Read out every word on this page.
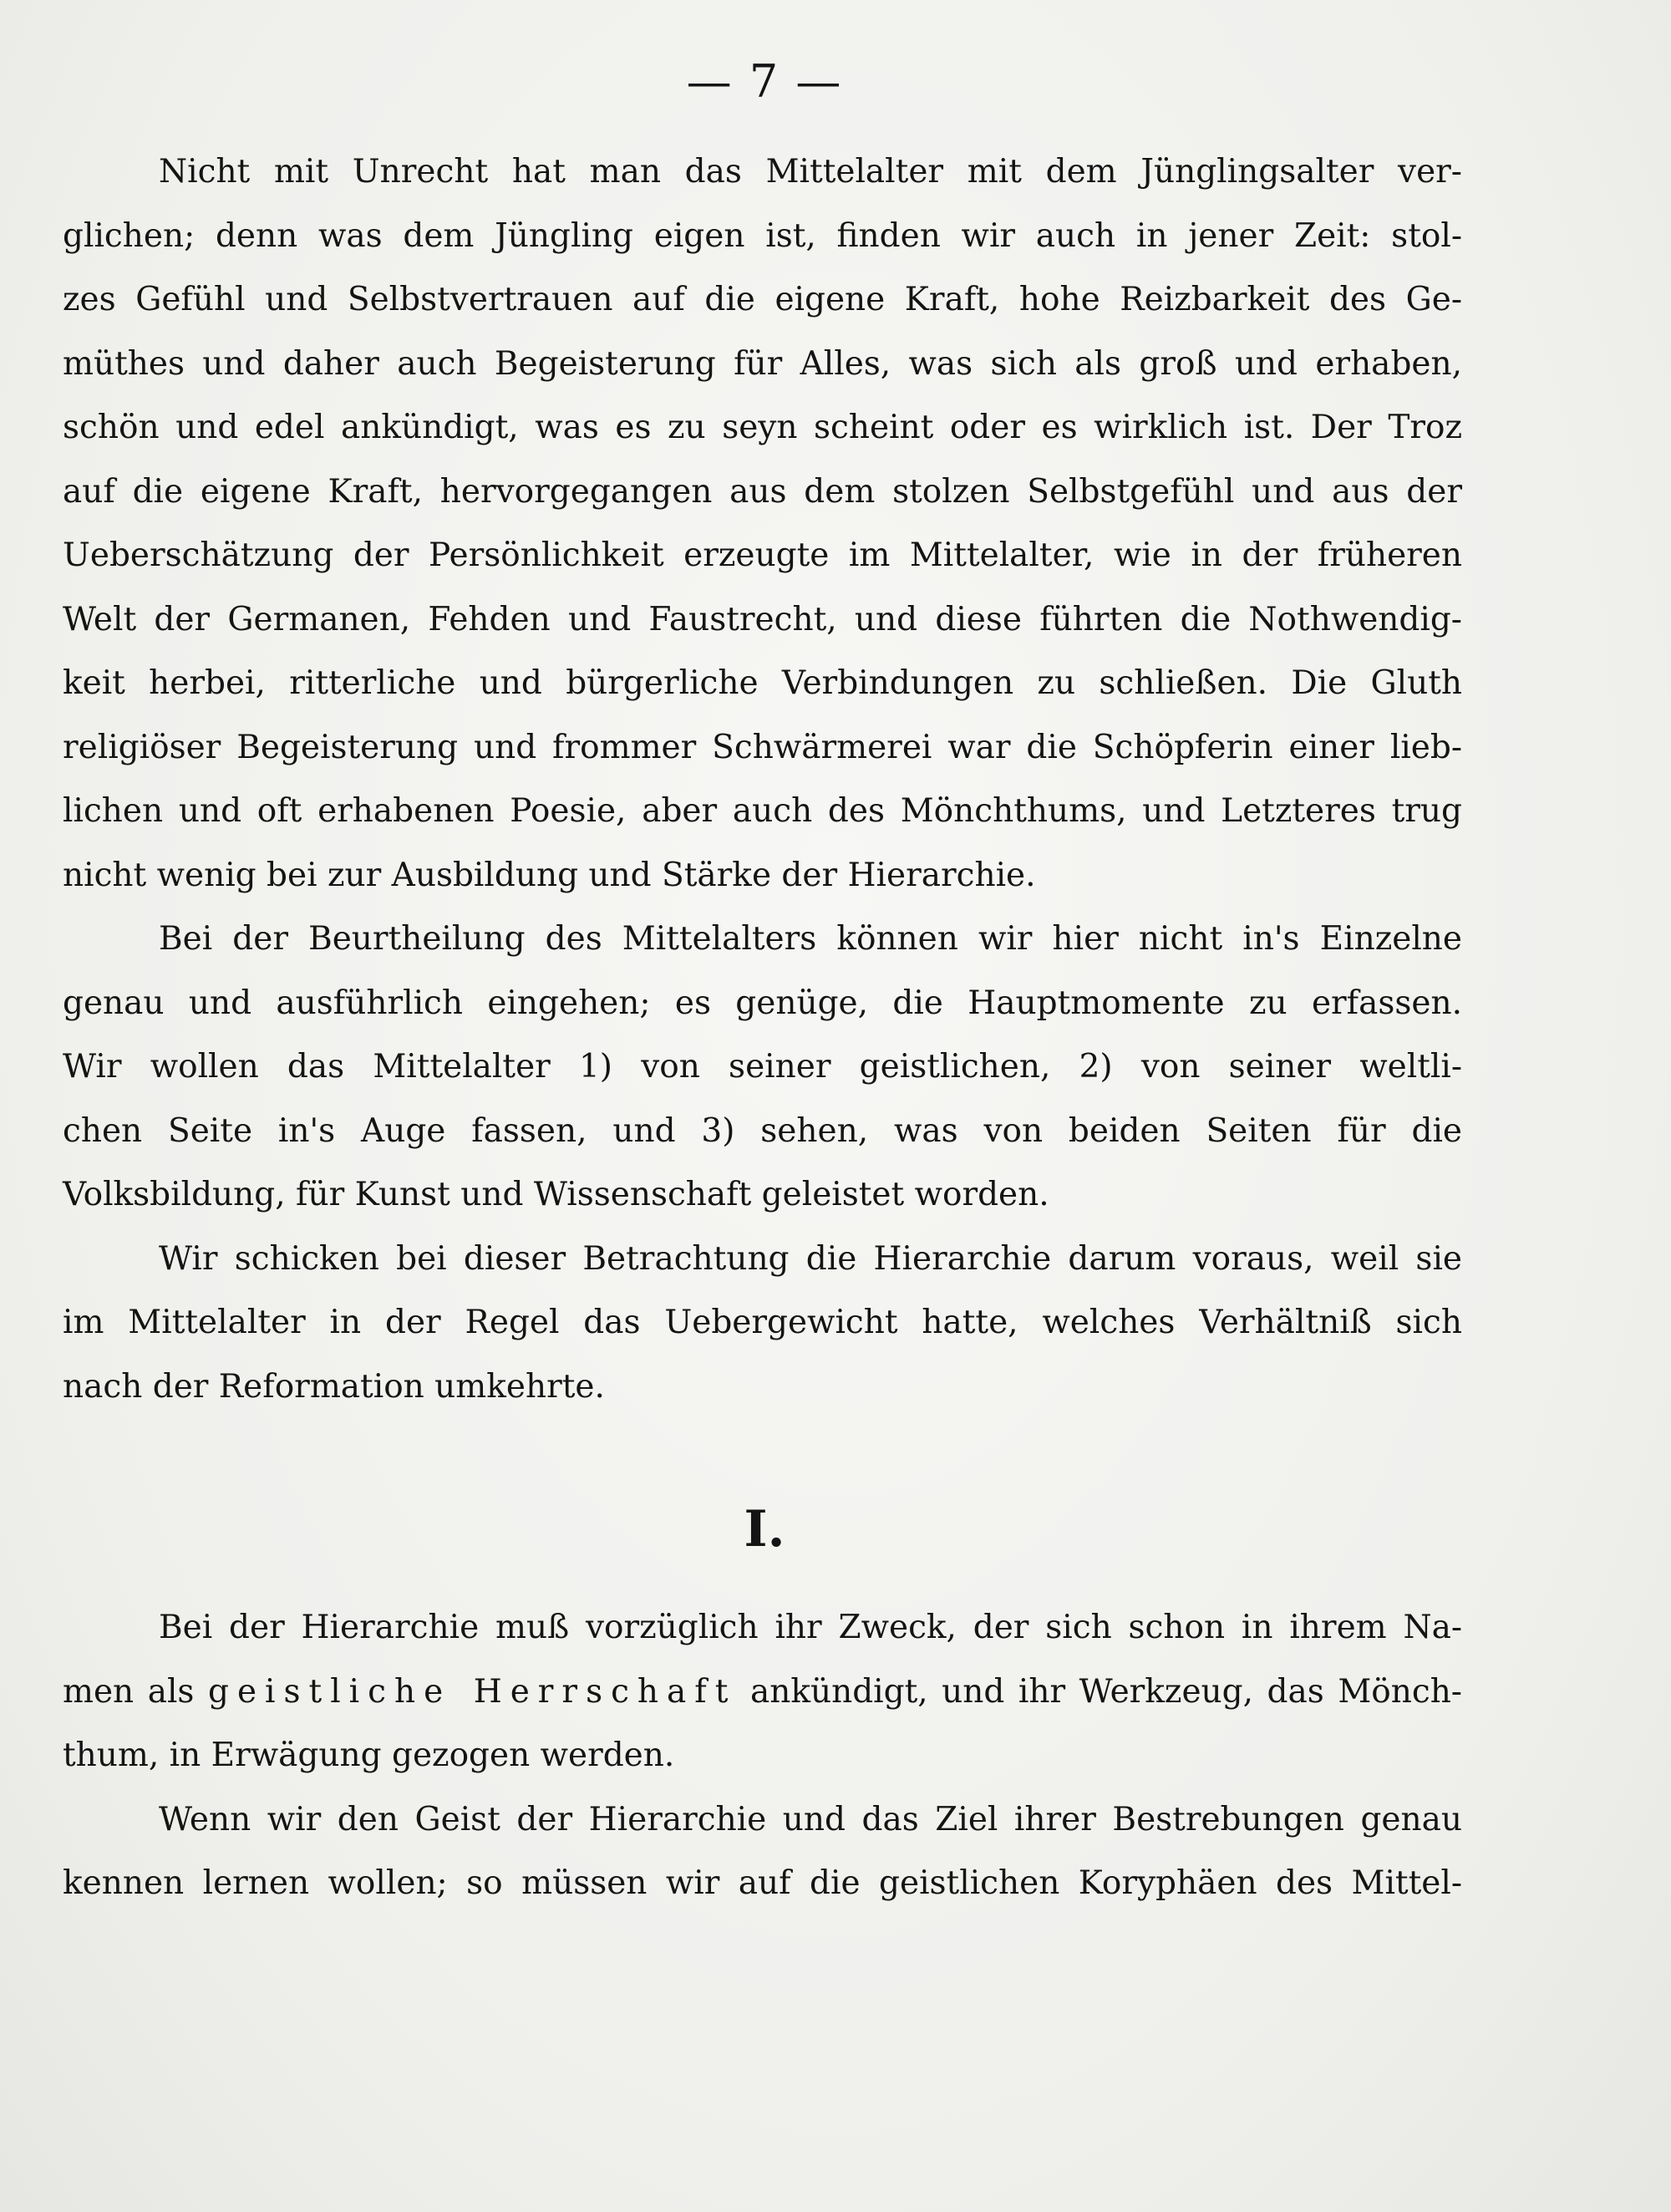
— 7 —

Nicht mit Unrecht hat man das Mittelalter mit dem Jünglingsalter ver-
glichen; denn was dem Jüngling eigen ist, finden wir auch in jener Zeit: stol-
zes Gefühl und Selbstvertrauen auf die eigene Kraft, hohe Reizbarkeit des Ge-
müthes und daher auch Begeisterung für Alles, was sich als groß und erhaben,
schön und edel ankündigt, was es zu seyn scheint oder es wirklich ist. Der Troz
auf die eigene Kraft, hervorgegangen aus dem stolzen Selbstgefühl und aus der
Ueberschätzung der Persönlichkeit erzeugte im Mittelalter, wie in der früheren
Welt der Germanen, Fehden und Faustrecht, und diese führten die Nothwendig-
keit herbei, ritterliche und bürgerliche Verbindungen zu schließen. Die Gluth
religiöser Begeisterung und frommer Schwärmerei war die Schöpferin einer lieb-
lichen und oft erhabenen Poesie, aber auch des Mönchthums, und Letzteres trug
nicht wenig bei zur Ausbildung und Stärke der Hierarchie.

Bei der Beurtheilung des Mittelalters können wir hier nicht in's Einzelne
genau und ausführlich eingehen; es genüge, die Hauptmomente zu erfassen.
Wir wollen das Mittelalter 1) von seiner geistlichen, 2) von seiner weltli-
chen Seite in's Auge fassen, und 3) sehen, was von beiden Seiten für die
Volksbildung, für Kunst und Wissenschaft geleistet worden.

Wir schicken bei dieser Betrachtung die Hierarchie darum voraus, weil sie
im Mittelalter in der Regel das Uebergewicht hatte, welches Verhältniß sich
nach der Reformation umkehrte.

I.

Bei der Hierarchie muß vorzüglich ihr Zweck, der sich schon in ihrem Na-
men als geistliche Herrschaft ankündigt, und ihr Werkzeug, das Mönch-
thum, in Erwägung gezogen werden.

Wenn wir den Geist der Hierarchie und das Ziel ihrer Bestrebungen genau
kennen lernen wollen; so müssen wir auf die geistlichen Koryphäen des Mittel-
